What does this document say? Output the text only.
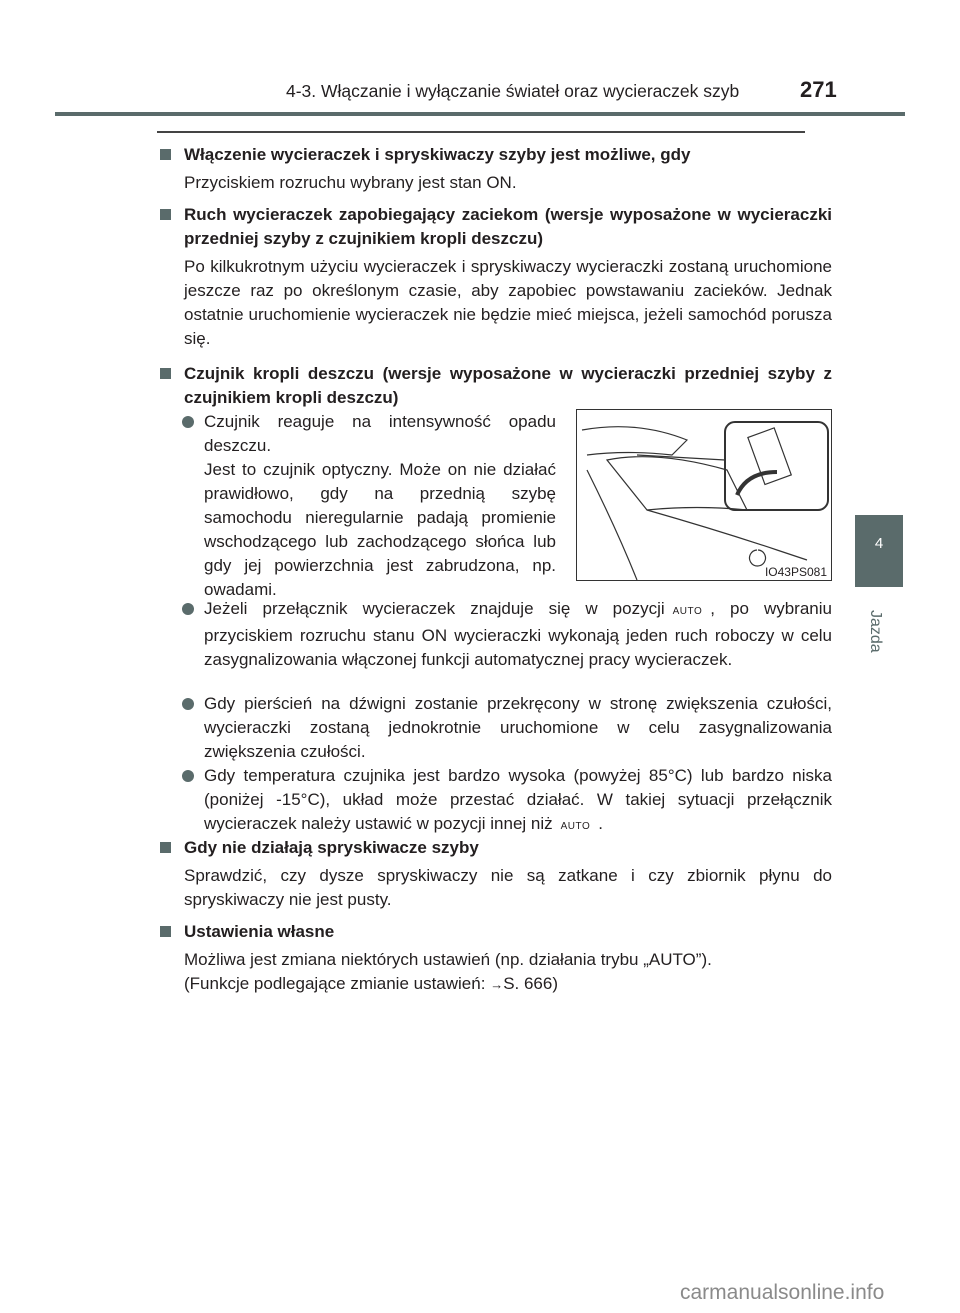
4-3. Włączanie i wyłączanie świateł oraz wycieraczek szyb	271
4
Jazda
Włączenie wycieraczek i spryskiwaczy szyby jest możliwe, gdy
Przyciskiem rozruchu wybrany jest stan ON.
Ruch wycieraczek zapobiegający zaciekom (wersje wyposażone w wycieraczki przedniej szyby z czujnikiem kropli deszczu)
Po kilkukrotnym użyciu wycieraczek i spryskiwaczy wycieraczki zostaną uruchomione jeszcze raz po określonym czasie, aby zapobiec powstawaniu zacieków. Jednak ostatnie uruchomienie wycieraczek nie będzie mieć miejsca, jeżeli samochód porusza się.
Czujnik kropli deszczu (wersje wyposażone w wycieraczki przedniej szyby z czujnikiem kropli deszczu)
Czujnik reaguje na intensywność opadu deszczu.
Jest to czujnik optyczny. Może on nie działać prawidłowo, gdy na przednią szybę samochodu nieregularnie padają promienie wschodzącego lub zachodzącego słońca lub gdy jej powierzchnia jest zabrudzona, np. owadami.
IO43PS081
Jeżeli przełącznik wycieraczek znajduje się w pozycji AUTO , po wybraniu przyciskiem rozruchu stanu ON wycieraczki wykonają jeden ruch roboczy w celu zasygnalizowania włączonej funkcji automatycznej pracy wycieraczek.
Gdy pierścień na dźwigni zostanie przekręcony w stronę zwiększenia czułości, wycieraczki zostaną jednokrotnie uruchomione w celu zasygnalizowania zwiększenia czułości.
Gdy temperatura czujnika jest bardzo wysoka (powyżej 85°C) lub bardzo niska (poniżej -15°C), układ może przestać działać. W takiej sytuacji przełącznik wycieraczek należy ustawić w pozycji innej niż AUTO .
Gdy nie działają spryskiwacze szyby
Sprawdzić, czy dysze spryskiwaczy nie są zatkane i czy zbiornik płynu do spryskiwaczy nie jest pusty.
Ustawienia własne
Możliwa jest zmiana niektórych ustawień (np. działania trybu „AUTO”).
(Funkcje podlegające zmianie ustawień: →S. 666)
carmanualsonline.info
